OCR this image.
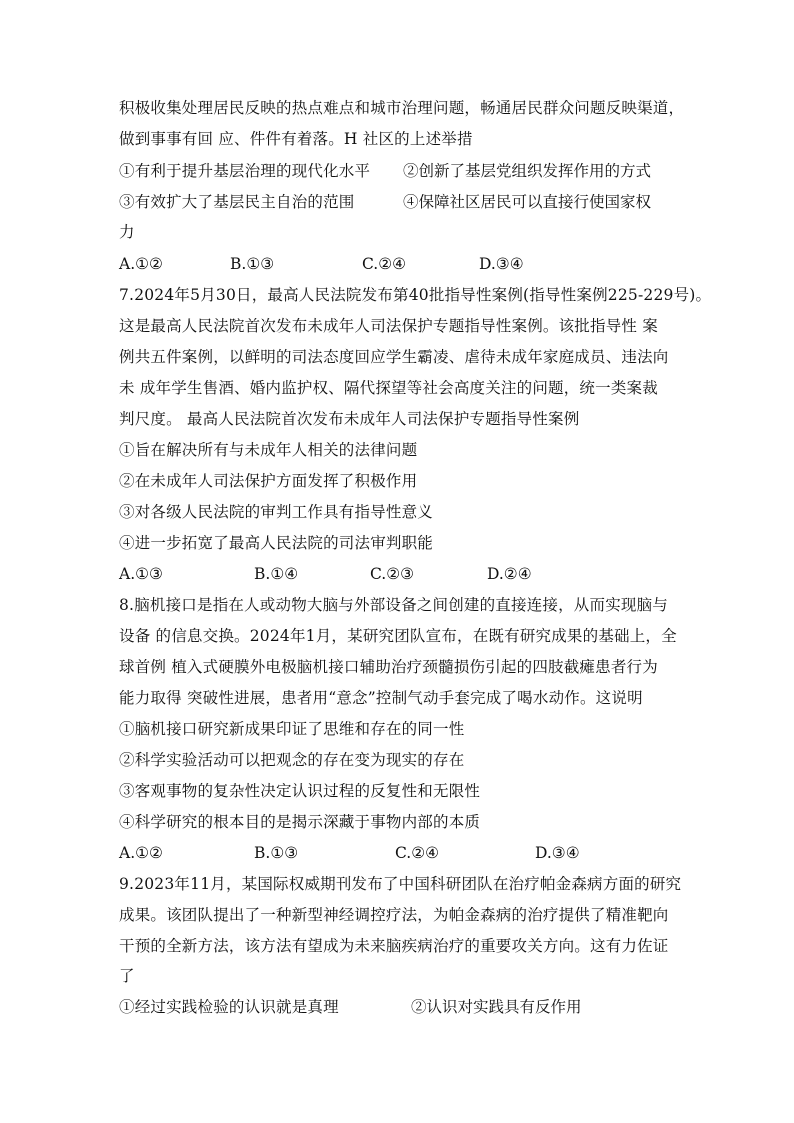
积极收集处理居民反映的热点难点和城市治理问题，畅通居民群众问题反映渠道，
做到事事有回 应、件件有着落。H 社区的上述举措
①有利于提升基层治理的现代化水平 ②创新了基层党组织发挥作用的方式
③有效扩大了基层民主自治的范围	④保障社区居民可以直接行使国家权
力
A.①②	B.①③	C.②④	D.③④
7.2024年5月30日，最高人民法院发布第40批指导性案例(指导性案例225-229号)。
这是最高人民法院首次发布未成年人司法保护专题指导性案例。该批指导性 案
例共五件案例，以鲜明的司法态度回应学生霸凌、虐待未成年家庭成员、违法向
未 成年学生售酒、婚内监护权、隔代探望等社会高度关注的问题，统一类案裁
判尺度。 最高人民法院首次发布未成年人司法保护专题指导性案例
①旨在解决所有与未成年人相关的法律问题
②在未成年人司法保护方面发挥了积极作用
③对各级人民法院的审判工作具有指导性意义
④进一步拓宽了最高人民法院的司法审判职能
A.①③	B.①④	C.②③	D.②④
8.脑机接口是指在人或动物大脑与外部设备之间创建的直接连接，从而实现脑与
设备 的信息交换。2024年1月，某研究团队宣布，在既有研究成果的基础上，全
球首例 植入式硬膜外电极脑机接口辅助治疗颈髓损伤引起的四肢截瘫患者行为
能力取得 突破性进展，患者用“意念”控制气动手套完成了喝水动作。这说明
①脑机接口研究新成果印证了思维和存在的同一性
②科学实验活动可以把观念的存在变为现实的存在
③客观事物的复杂性决定认识过程的反复性和无限性
④科学研究的根本目的是揭示深藏于事物内部的本质
A.①②	B.①③	C.②④	D.③④
9.2023年11月，某国际权威期刊发布了中国科研团队在治疗帕金森病方面的研究
成果。该团队提出了一种新型神经调控疗法，为帕金森病的治疗提供了精准靶向
干预的全新方法，该方法有望成为未来脑疾病治疗的重要攻关方向。这有力佐证
了
①经过实践检验的认识就是真理	②认识对实践具有反作用
